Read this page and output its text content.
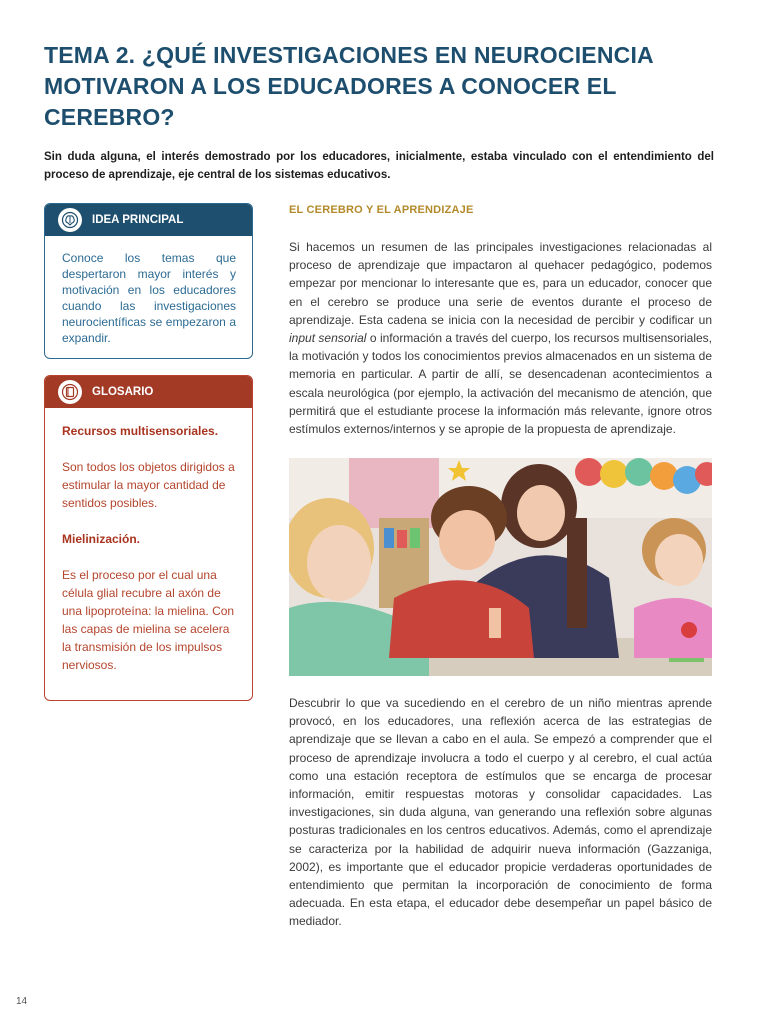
TEMA 2. ¿QUÉ INVESTIGACIONES EN NEUROCIENCIA MOTIVARON A LOS EDUCADORES A CONOCER EL CEREBRO?
Sin duda alguna, el interés demostrado por los educadores, inicialmente, estaba vinculado con el entendimiento del proceso de aprendizaje, eje central de los sistemas educativos.
IDEA PRINCIPAL
Conoce los temas que despertaron mayor interés y motivación en los educadores cuando las investigaciones neurocientíficas se empezaron a expandir.
GLOSARIO

Recursos multisensoriales.

Son todos los objetos dirigidos a estimular la mayor cantidad de sentidos posibles.

Mielinización.

Es el proceso por el cual una célula glial recubre al axón de una lipoproteína: la mielina. Con las capas de mielina se acelera la transmisión de los impulsos nerviosos.

EL CEREBRO Y EL APRENDIZAJE

Si hacemos un resumen de las principales investigaciones relacionadas al proceso de aprendizaje que impactaron al quehacer pedagógico, podemos empezar por mencionar lo interesante que es, para un educador, conocer que en el cerebro se produce una serie de eventos durante el proceso de aprendizaje. Esta cadena se inicia con la necesidad de percibir y codificar un input sensorial o información a través del cuerpo, los recursos multisensoriales, la motivación y todos los conocimientos previos almacenados en un sistema de memoria en particular. A partir de allí, se desencadenan acontecimientos a escala neurológica (por ejemplo, la activación del mecanismo de atención, que permitirá que el estudiante procese la información más relevante, ignore otros estímulos externos/internos y se apropie de la propuesta de aprendizaje.

Descubrir lo que va sucediendo en el cerebro de un niño mientras aprende provocó, en los educadores, una reflexión acerca de las estrategias de aprendizaje que se llevan a cabo en el aula. Se empezó a comprender que el proceso de aprendizaje involucra a todo el cuerpo y al cerebro, el cual actúa como una estación receptora de estímulos que se encarga de procesar información, emitir respuestas motoras y consolidar capacidades. Las investigaciones, sin duda alguna, van generando una reflexión sobre algunas posturas tradicionales en los centros educativos. Además, como el aprendizaje se caracteriza por la habilidad de adquirir nueva información (Gazzaniga, 2002), es importante que el educador propicie verdaderas oportunidades de entendimiento que permitan la incorporación de conocimiento de forma adecuada. En esta etapa, el educador debe desempeñar un papel básico de mediador.

14
